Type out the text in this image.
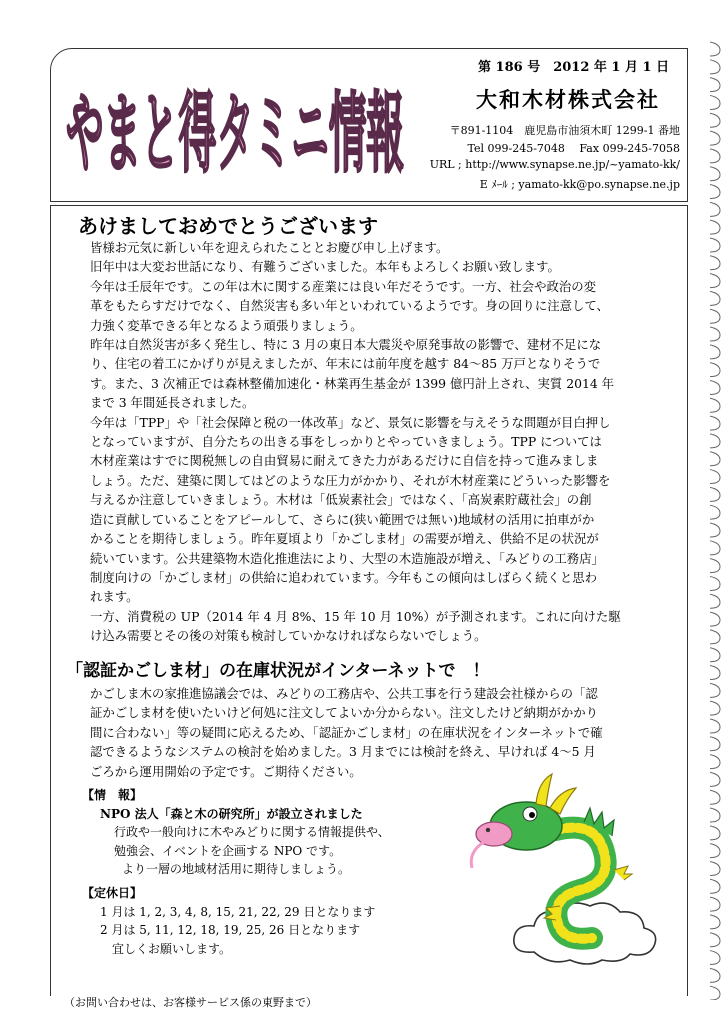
やまと得タミニ情報
第 186 号　2012 年 1 月 1 日
大和木材株式会社
〒891-1104　鹿児島市油須木町 1299-1 番地
Tel 099-245-7048　 Fax 099-245-7058
URL ; http://www.synapse.ne.jp/~yamato-kk/
E ﾒｰﾙ ; yamato-kk@po.synapse.ne.jp
あけましておめでとうございます

皆様お元気に新しい年を迎えられたこととお慶び申し上げます。

旧年中は大変お世話になり、有難うございました。本年もよろしくお願い致します。

今年は壬辰年です。この年は木に関する産業には良い年だそうです。一方、社会や政治の変

革をもたらすだけでなく、自然災害も多い年といわれているようです。身の回りに注意して、

力強く変革できる年となるよう頑張りましょう。

昨年は自然災害が多く発生し、特に 3 月の東日本大震災や原発事故の影響で、建材不足にな

り、住宅の着工にかげりが見えましたが、年末には前年度を越す 84～85 万戸となりそうで

す。また、3 次補正では森林整備加速化・林業再生基金が 1399 億円計上され、実質 2014 年

まで 3 年間延長されました。

今年は「TPP」や「社会保障と税の一体改革」など、景気に影響を与えそうな問題が目白押し

となっていますが、自分たちの出きる事をしっかりとやっていきましょう。TPP については

木材産業はすでに関税無しの自由貿易に耐えてきた力があるだけに自信を持って進みましま

しょう。ただ、建築に関してはどのような圧力がかかり、それが木材産業にどういった影響を

与えるか注意していきましょう。木材は「低炭素社会」ではなく、「高炭素貯蔵社会」の創

造に貢献していることをアピールして、さらに(狭い範囲では無い)地域材の活用に拍車がか

かることを期待しましょう。昨年夏頃より「かごしま材」の需要が増え、供給不足の状況が

続いています。公共建築物木造化推進法により、大型の木造施設が増え、「みどりの工務店」

制度向けの「かごしま材」の供給に追われています。今年もこの傾向はしばらく続くと思わ

れます。

一方、消費税の UP（2014 年 4 月 8%、15 年 10 月 10%）が予測されます。これに向けた駆

け込み需要とその後の対策も検討していかなければならないでしょう。

「認証かごしま材」の在庫状況がインターネットで　！

かごしま木の家推進協議会では、みどりの工務店や、公共工事を行う建設会社様からの「認

証かごしま材を使いたいけど何処に注文してよいか分からない。注文したけど納期がかかり

間に合わない」等の疑問に応えるため、「認証かごしま材」の在庫状況をインターネットで確

認できるようなシステムの検討を始めました。3 月までには検討を終え、早ければ 4～5 月

ごろから運用開始の予定です。ご期待ください。

【情　報】

NPO 法人「森と木の研究所」が設立されました

行政や一般向けに木やみどりに関する情報提供や、

勉強会、イベントを企画する NPO です。

より一層の地域材活用に期待しましょう。

【定休日】

1 月は 1, 2, 3, 4, 8, 15, 21, 22, 29 日となります

2 月は 5, 11, 12, 18, 19, 25, 26 日となります

宜しくお願いします。

（お問い合わせは、お客様サービス係の東野まで）
